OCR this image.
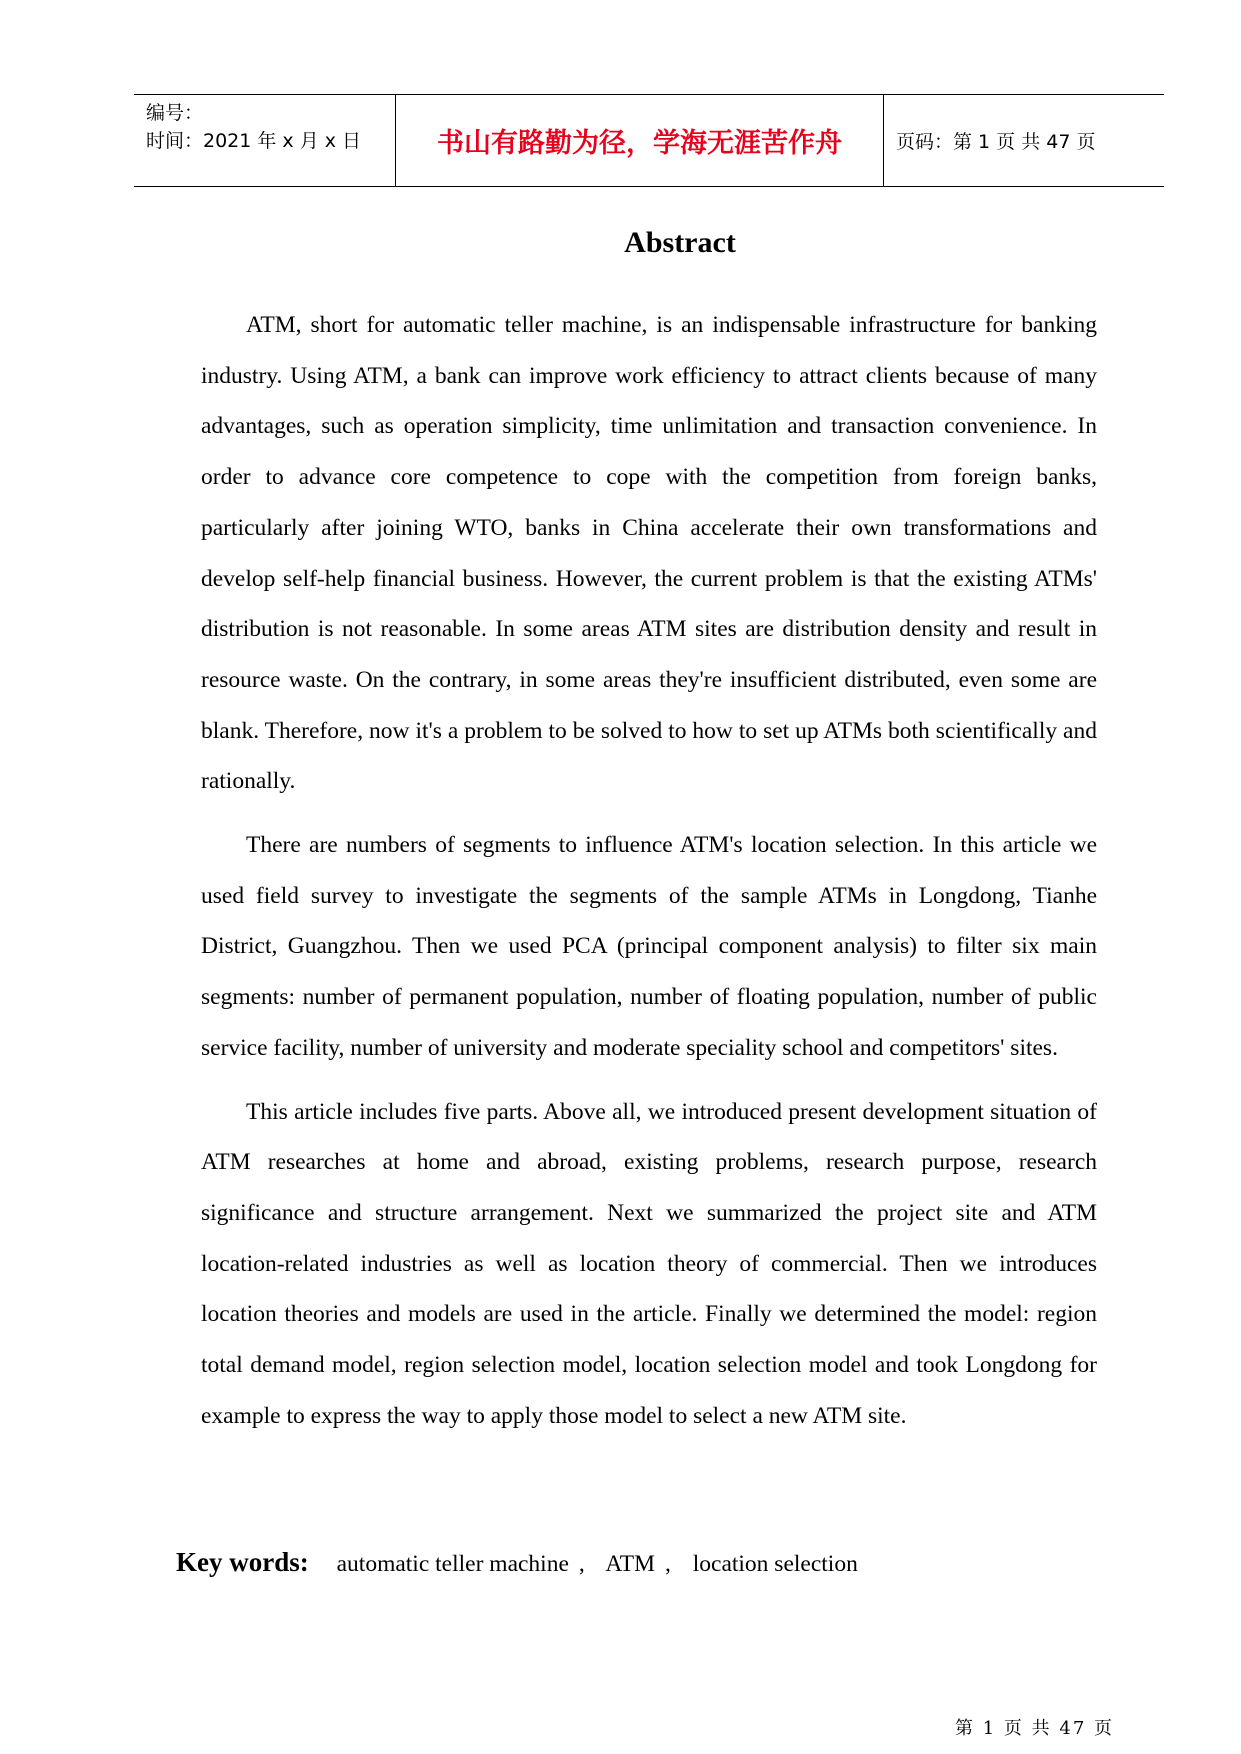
编号：
时间：2021 年 x 月 x 日	书山有路勤为径，学海无涯苦作舟	页码：第 1 页 共 47 页
Abstract

ATM, short for automatic teller machine, is an indispensable infrastructure for banking industry. Using ATM, a bank can improve work efficiency to attract clients because of many advantages, such as operation simplicity, time unlimitation and transaction convenience. In order to advance core competence to cope with the competition from foreign banks, particularly after joining WTO, banks in China accelerate their own transformations and develop self-help financial business. However, the current problem is that the existing ATMs' distribution is not reasonable. In some areas ATM sites are distribution density and result in resource waste. On the contrary, in some areas they're insufficient distributed, even some are blank. Therefore, now it's a problem to be solved to how to set up ATMs both scientifically and rationally.

There are numbers of segments to influence ATM's location selection. In this article we used field survey to investigate the segments of the sample ATMs in Longdong, Tianhe District, Guangzhou. Then we used PCA (principal component analysis) to filter six main segments: number of permanent population, number of floating population, number of public service facility, number of university and moderate speciality school and competitors' sites.

This article includes five parts. Above all, we introduced present development situation of ATM researches at home and abroad, existing problems, research purpose, research significance and structure arrangement. Next we summarized the project site and ATM location-related industries as well as location theory of commercial. Then we introduces location theories and models are used in the article. Finally we determined the model: region total demand model, region selection model, location selection model and took Longdong for example to express the way to apply those model to select a new ATM site.

Key words: automatic teller machine , ATM , location selection
第 1 页 共 47 页
